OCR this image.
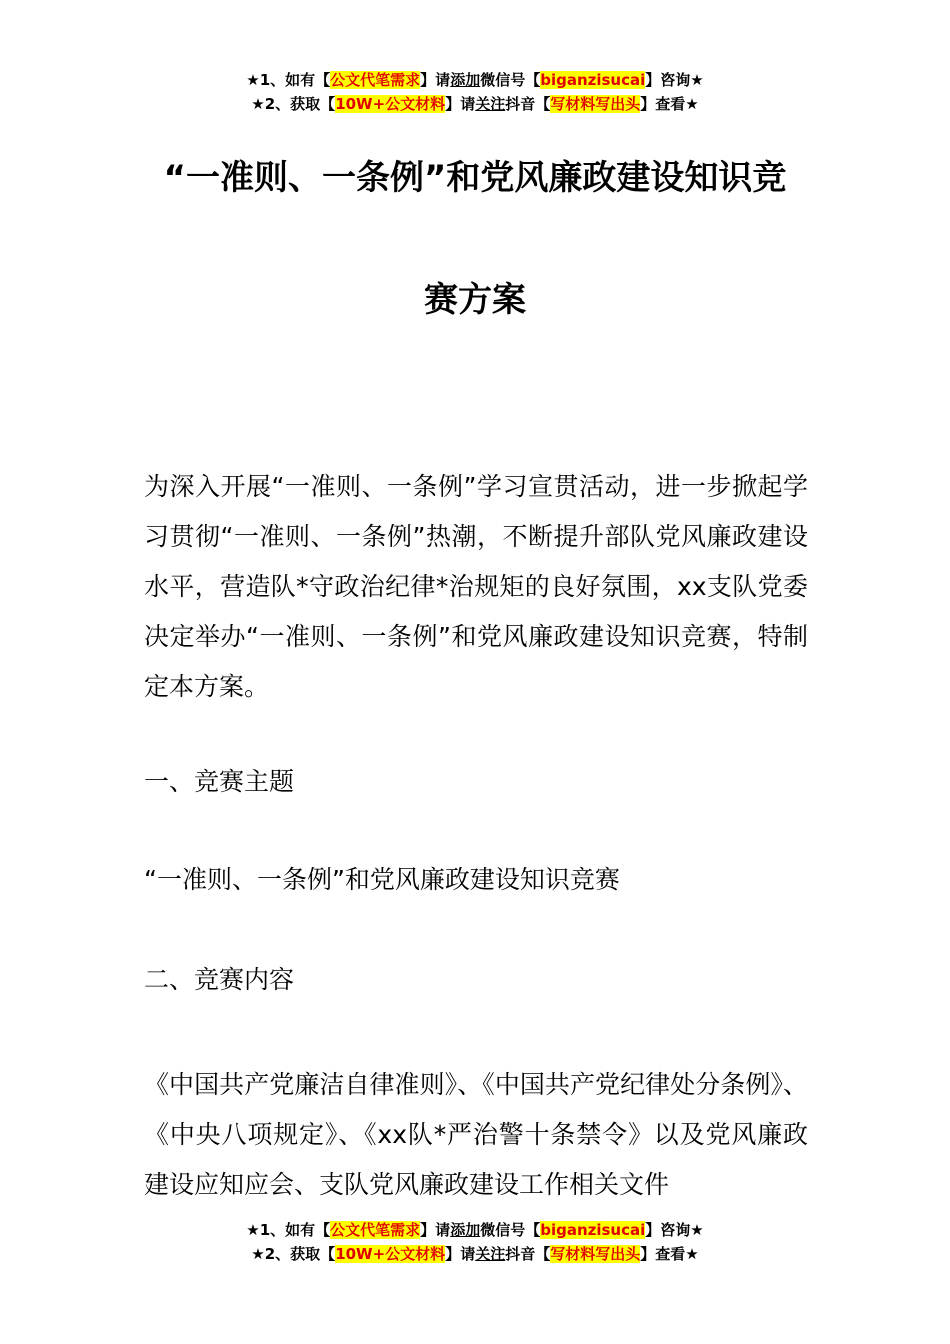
★1、如有【公文代笔需求】请添加微信号【biganzisucai】咨询★
★2、获取【10W+公文材料】请关注抖音【写材料写出头】查看★
“一准则、一条例”和党风廉政建设知识竞
赛方案
为深入开展“一准则、一条例”学习宣贯活动，进一步掀起学习贯彻“一准则、一条例”热潮，不断提升部队党风廉政建设水平，营造队*守政治纪律*治规矩的良好氛围，xx支队党委决定举办“一准则、一条例”和党风廉政建设知识竞赛，特制定本方案。
一、竞赛主题
“一准则、一条例”和党风廉政建设知识竞赛
二、竞赛内容
《中国共产党廉洁自律准则》、《中国共产党纪律处分条例》、《中央八项规定》、《xx队*严治警十条禁令》以及党风廉政建设应知应会、支队党风廉政建设工作相关文件
★1、如有【公文代笔需求】请添加微信号【biganzisucai】咨询★
★2、获取【10W+公文材料】请关注抖音【写材料写出头】查看★
